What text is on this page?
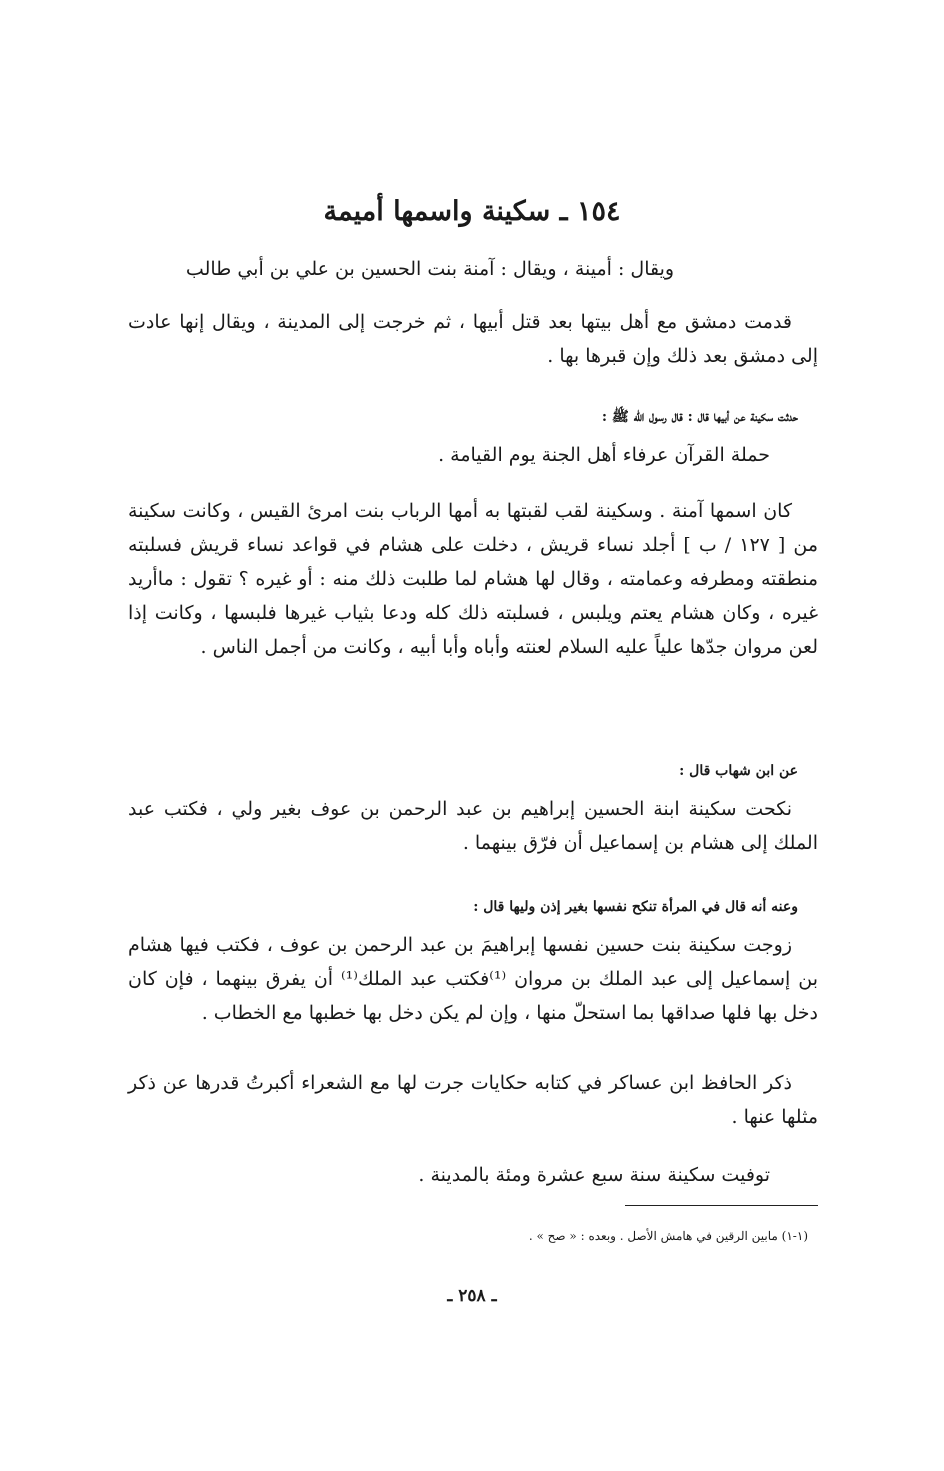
١٥٤ ـ سكينة واسمها أميمة

ويقال : أمينة ، ويقال : آمنة بنت الحسين بن علي بن أبي طالب

قدمت دمشق مع أهل بيتها بعد قتل أبيها ، ثم خرجت إلى المدينة ، ويقال إنها عادت إلى دمشق بعد ذلك وإن قبرها بها .

حدثت سكينة عن أبيها قال : قال رسول الله ﷺ :

حملة القرآن عرفاء أهل الجنة يوم القيامة .

كان اسمها آمنة . وسكينة لقب لقبتها به أمها الرباب بنت امرئ القيس ، وكانت سكينة من [ ١٢٧ / ب ] أجلد نساء قريش ، دخلت على هشام في قواعد نساء قريش فسلبته منطقته ومطرفه وعمامته ، وقال لها هشام لما طلبت ذلك منه : أو غيره ؟ تقول : ماأريد غيره ، وكان هشام يعتم ويلبس ، فسلبته ذلك كله ودعا بثياب غيرها فلبسها ، وكانت إذا لعن مروان جدّها علياً عليه السلام لعنته وأباه وأبا أبيه ، وكانت من أجمل الناس .

عن ابن شهاب قال :

نكحت سكينة ابنة الحسين إبراهيم بن عبد الرحمن بن عوف بغير ولي ، فكتب عبد الملك إلى هشام بن إسماعيل أن فرّق بينهما .

وعنه أنه قال في المرأة تنكح نفسها بغير إذن وليها قال :

زوجت سكينة بنت حسين نفسها إبراهيمَ بن عبد الرحمن بن عوف ، فكتب فيها هشام بن إسماعيل إلى عبد الملك بن مروان ⁽¹⁾فكتب عبد الملك⁽¹⁾ أن يفرق بينهما ، فإن كان دخل بها فلها صداقها بما استحلّ منها ، وإن لم يكن دخل بها خطبها مع الخطاب .

ذكر الحافظ ابن عساكر في كتابه حكايات جرت لها مع الشعراء أكبرتُ قدرها عن ذكر مثلها عنها .

توفيت سكينة سنة سبع عشرة ومئة بالمدينة .

(١-١) مابين الرقين في هامش الأصل . وبعده : « صح » .

ـ ٢٥٨ ـ
